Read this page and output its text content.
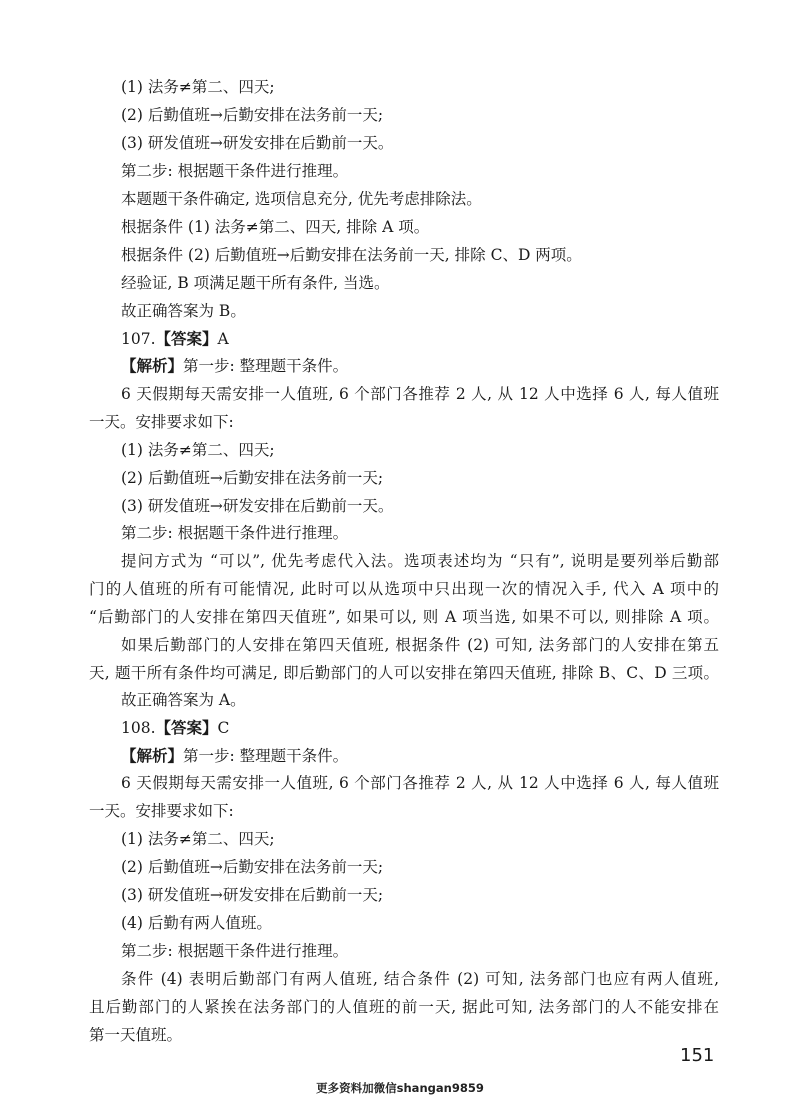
(1) 法务≠第二、四天;
(2) 后勤值班→后勤安排在法务前一天;
(3) 研发值班→研发安排在后勤前一天。
第二步: 根据题干条件进行推理。
本题题干条件确定, 选项信息充分, 优先考虑排除法。
根据条件 (1) 法务≠第二、四天, 排除 A 项。
根据条件 (2) 后勤值班→后勤安排在法务前一天, 排除 C、D 两项。
经验证, B 项满足题干所有条件, 当选。
故正确答案为 B。
107.【答案】A
【解析】第一步: 整理题干条件。
6 天假期每天需安排一人值班, 6 个部门各推荐 2 人, 从 12 人中选择 6 人, 每人值班
一天。安排要求如下:
(1) 法务≠第二、四天;
(2) 后勤值班→后勤安排在法务前一天;
(3) 研发值班→研发安排在后勤前一天。
第二步: 根据题干条件进行推理。
提问方式为 “可以”, 优先考虑代入法。选项表述均为 “只有”, 说明是要列举后勤部
门的人值班的所有可能情况, 此时可以从选项中只出现一次的情况入手, 代入 A 项中的
“后勤部门的人安排在第四天值班”, 如果可以, 则 A 项当选, 如果不可以, 则排除 A 项。
如果后勤部门的人安排在第四天值班, 根据条件 (2) 可知, 法务部门的人安排在第五
天, 题干所有条件均可满足, 即后勤部门的人可以安排在第四天值班, 排除 B、C、D 三项。
故正确答案为 A。
108.【答案】C
【解析】第一步: 整理题干条件。
6 天假期每天需安排一人值班, 6 个部门各推荐 2 人, 从 12 人中选择 6 人, 每人值班
一天。安排要求如下:
(1) 法务≠第二、四天;
(2) 后勤值班→后勤安排在法务前一天;
(3) 研发值班→研发安排在后勤前一天;
(4) 后勤有两人值班。
第二步: 根据题干条件进行推理。
条件 (4) 表明后勤部门有两人值班, 结合条件 (2) 可知, 法务部门也应有两人值班,
且后勤部门的人紧挨在法务部门的人值班的前一天, 据此可知, 法务部门的人不能安排在
第一天值班。
151
更多资料加微信shangan9859
